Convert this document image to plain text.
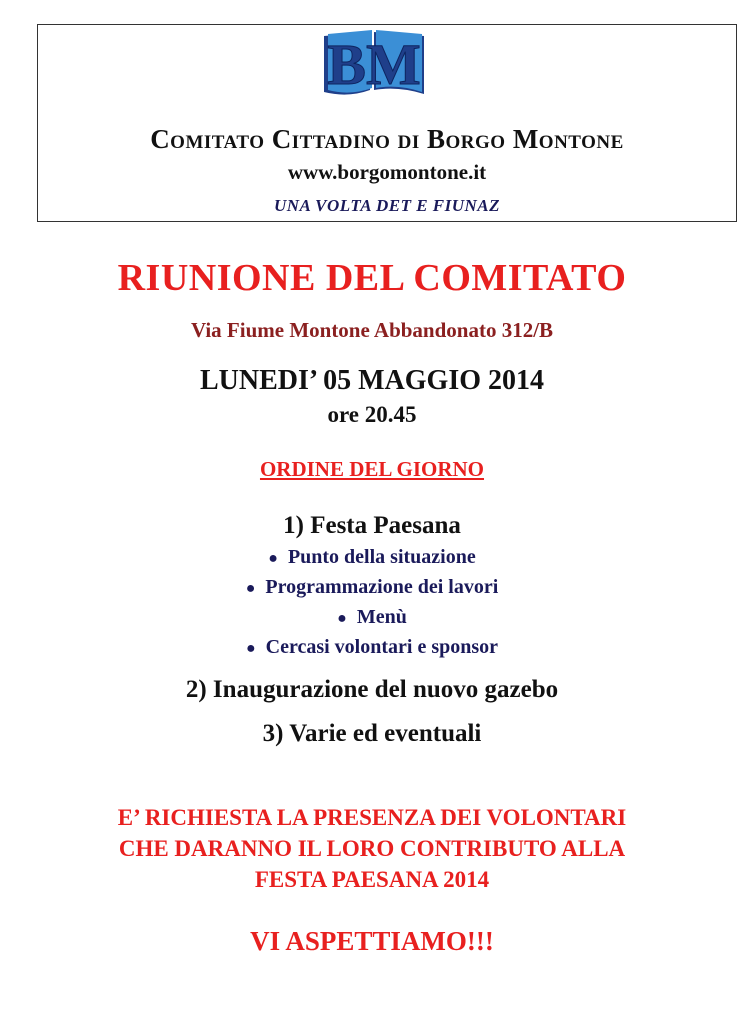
BM
Comitato Cittadino di Borgo Montone
www.borgomontone.it
UNA VOLTA DET E FIUNAZ
RIUNIONE DEL COMITATO
Via Fiume Montone Abbandonato 312/B
LUNEDI’ 05 MAGGIO 2014
ore 20.45
ORDINE DEL GIORNO
1) Festa Paesana
● Punto della situazione
● Programmazione dei lavori
● Menù
● Cercasi volontari e sponsor
2) Inaugurazione del nuovo gazebo
3) Varie ed eventuali
E’ RICHIESTA LA PRESENZA DEI VOLONTARI
CHE DARANNO IL LORO CONTRIBUTO ALLA
FESTA PAESANA 2014
VI ASPETTIAMO!!!
